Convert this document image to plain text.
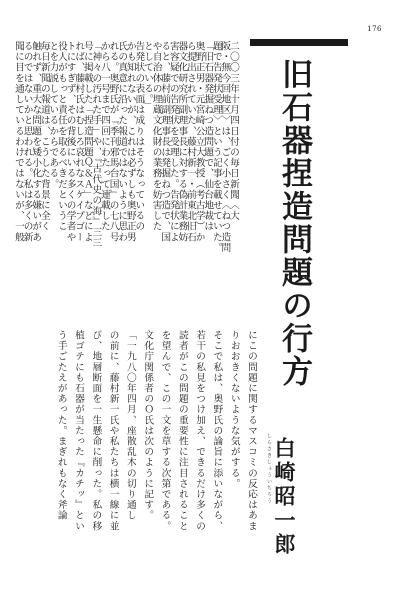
176
旧石器捏造問題の行方
しらさきしょういちろう 白崎昭一郎
二〇〇三年十月四日付の毎日新聞〈大
阪・無今回地区〉は、ごく小さく〈ねつ造問
題で告発状受理〉という記事を載せていた。
「旧石器発掘ねつ造問題で、仙台地裁は
奥野正男・元宮崎公立大教授（考古学）か
ら提出されていた、藤村新一・前東北旧石
器文化研究所副理事長に対する偽計業務妨
害容疑での告発状を受理した。告発状によ
ると、藤村前副理事長は発掘ねつ造で、国
や自治体の埋蔵文化財の業務を妨害した
としている。」
告発状の表面は成りはそうなっているの
かも知れないが、これは必ずしも奥野正男
氏の真意に沿った報道ではないように思わ
れる。奥野氏が『季刊邪馬台国』の七八号
から八一号まで四回にわたって連載した
「神々の汚れた手」や、『古代史の海』三三
号に掲載した「捏造問題Ｑ＆Ａ」などによ
れば、藤村氏はむしろ哀れなスケイプゴー
トにすぎず、その背後にいる多くの学者や
役人がもっと責任を取るべきだというこ
とを力説しているからである。
毎日新聞の報道は、こうした背景に全く
触れず、重大な問題を矮小化する嫌いがあ
るのではないかと思われる。私は多くの新
聞に目を通しているわけではないが、一般
にこの問題に関するマスコミの反応はあま
りおおきくないような気がする。
そこで私は、奥野氏の論旨に添いながら、
若干の私見をつけ加え、できるだけ多くの
読者がこの問題の重要性に注目されること
を望んで、この一文を草する次第である。
文化庁関係者のＯ氏は次のように記す。
「一九八〇年四月、座散乱木の切り通し
の前に、藤村新一氏や私たちは横一線に並
び、地層断面を一生懸命に削った。私の移
植ゴテにも石器が当たった『カチッ』とい
う手ごたえがあった。まぎれもなく斧論
